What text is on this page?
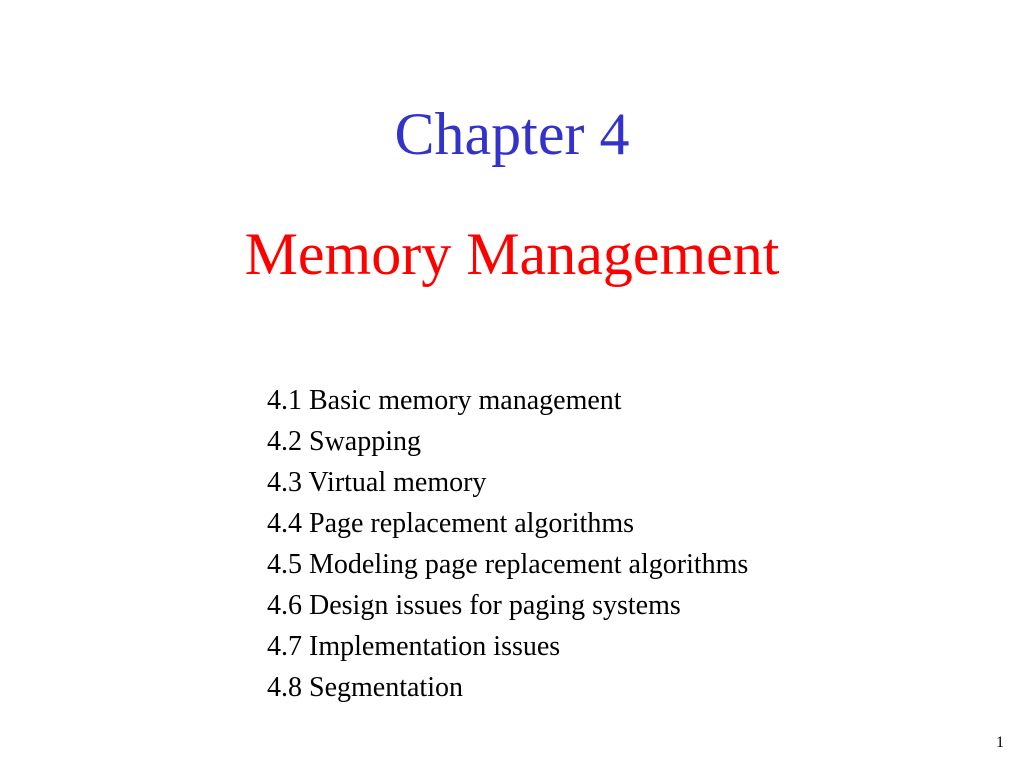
Chapter 4
Memory Management
4.1 Basic memory management
4.2 Swapping
4.3 Virtual memory
4.4 Page replacement algorithms
4.5 Modeling page replacement algorithms
4.6 Design issues for paging systems
4.7 Implementation issues
4.8 Segmentation
1
